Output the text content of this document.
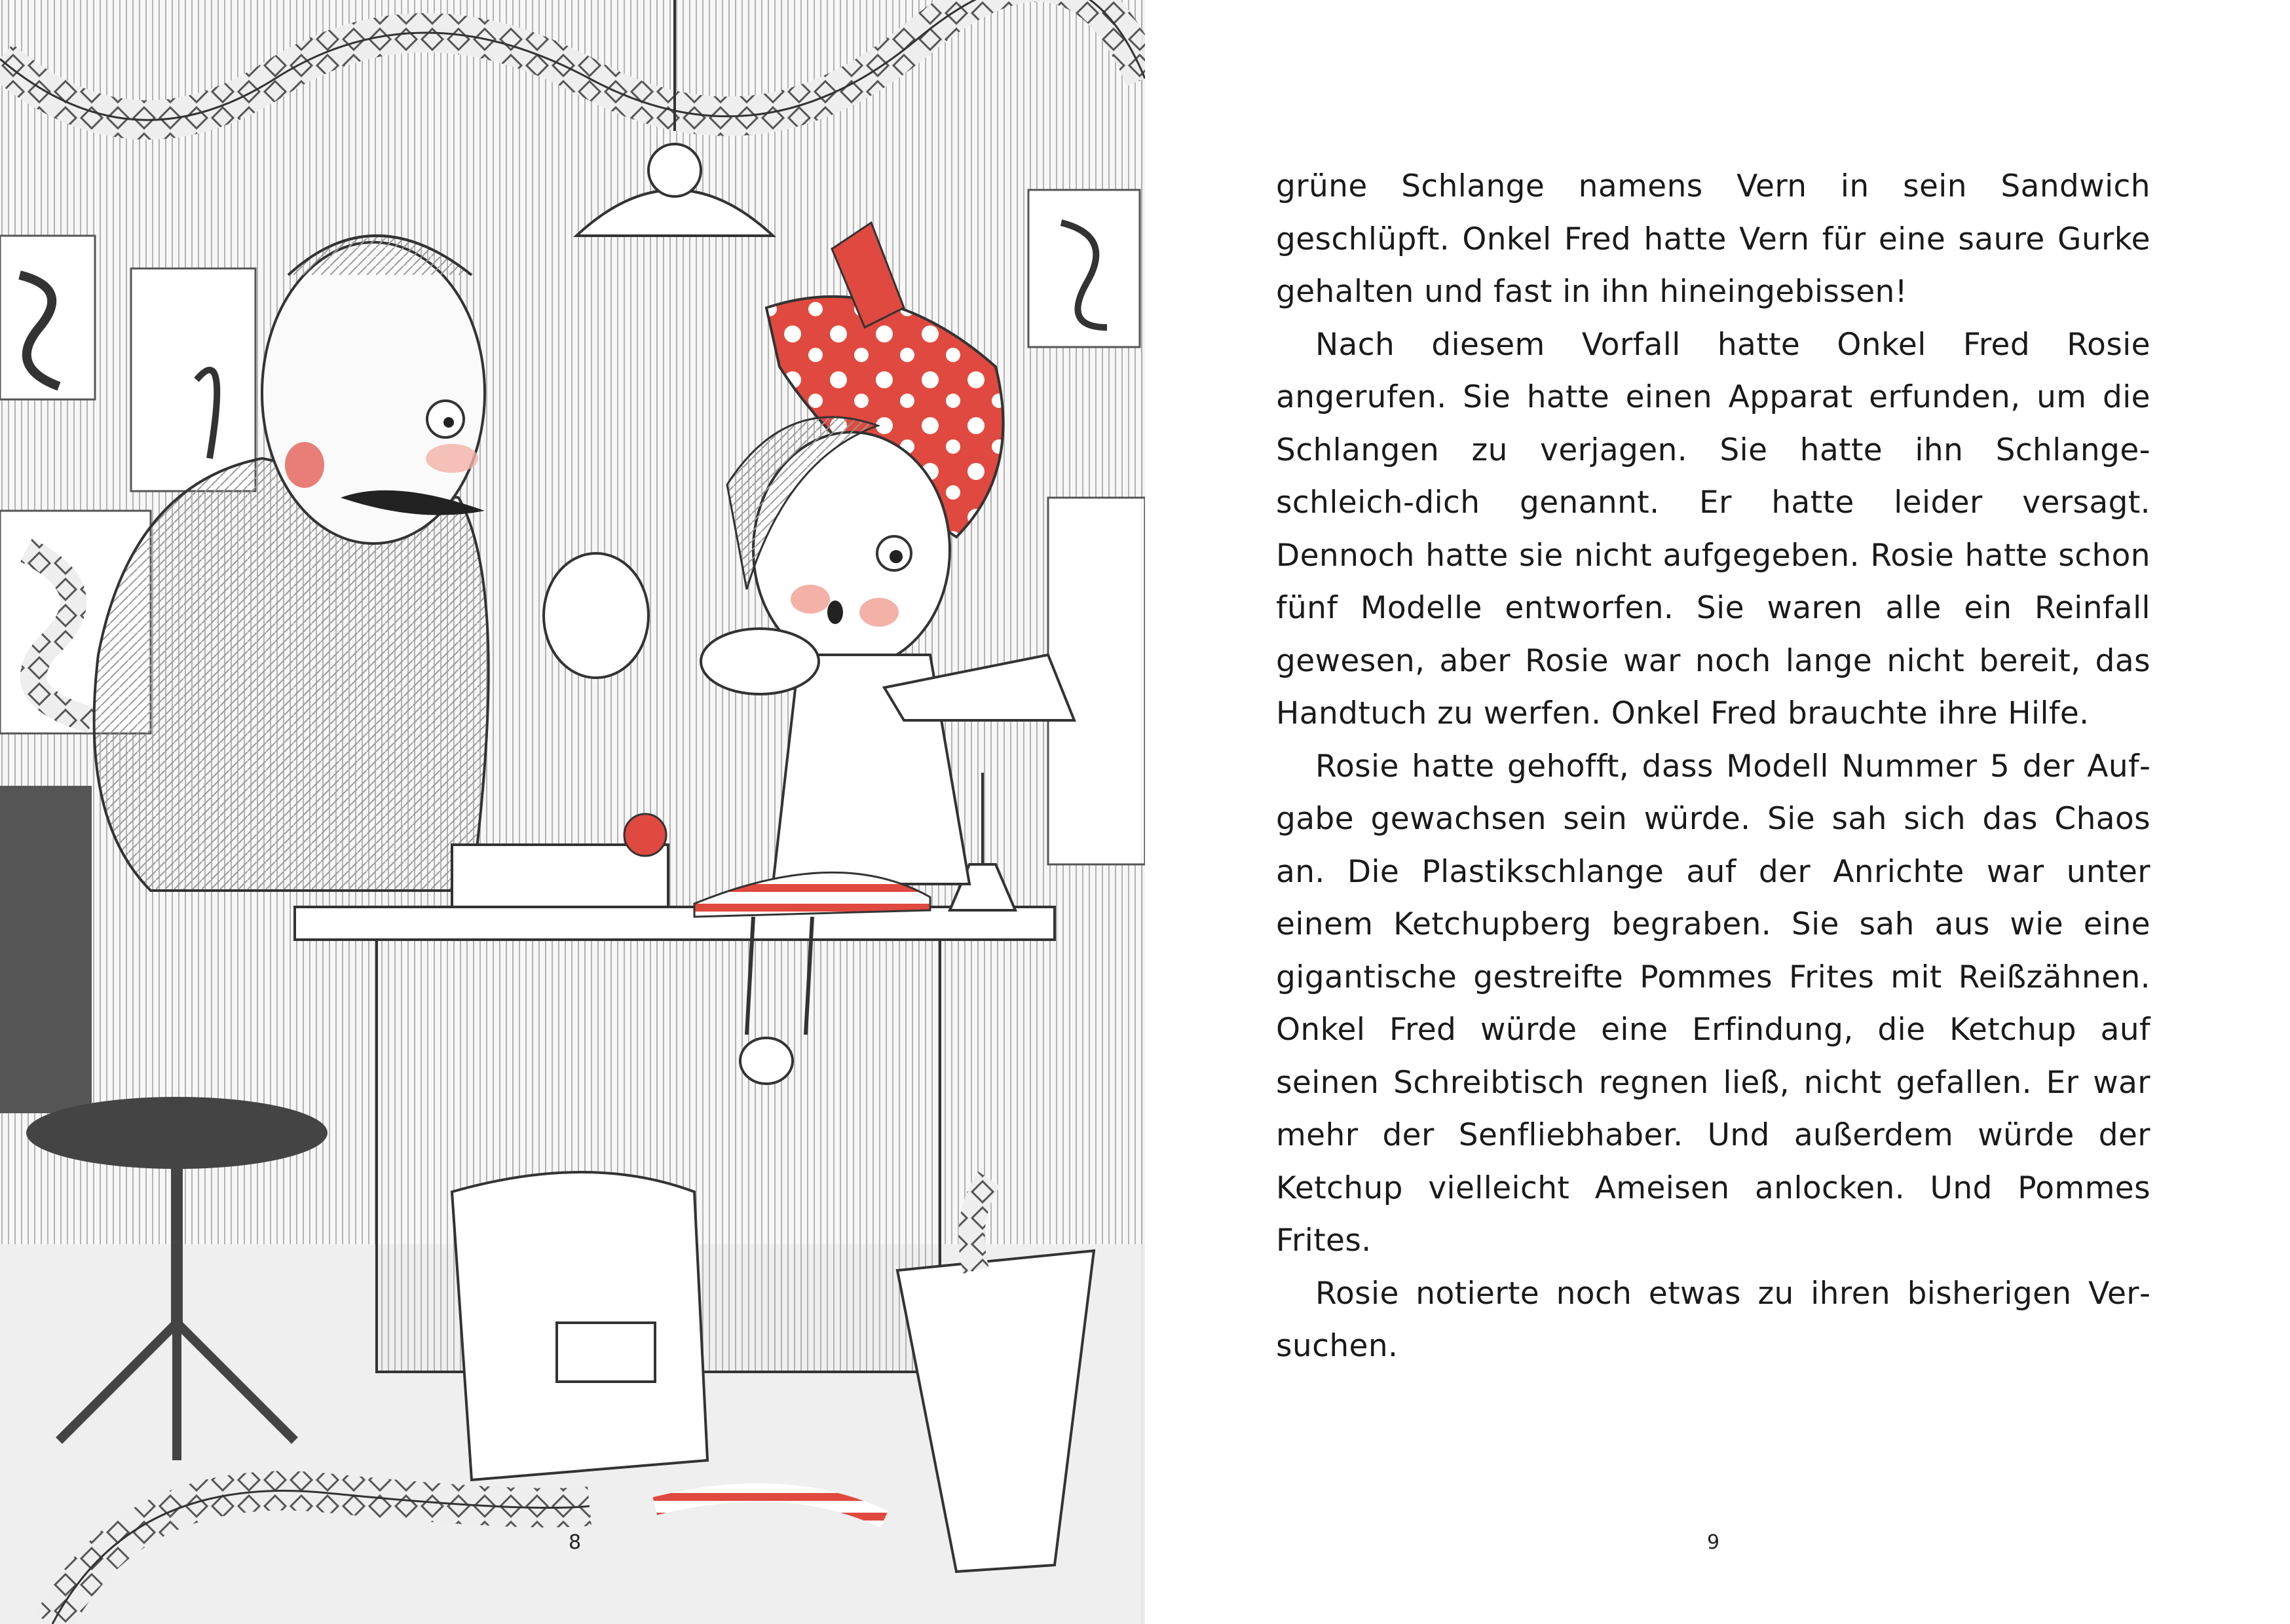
8

grüne Schlange namens Vern in sein Sandwich geschlüpft. Onkel Fred hatte Vern für eine saure Gurke gehalten und fast in ihn hineingebissen!

Nach diesem Vorfall hatte Onkel Fred Rosie angerufen. Sie hatte einen Apparat erfunden, um die Schlangen zu verjagen. Sie hatte ihn Schlange-schleich-dich genannt. Er hatte leider versagt. Dennoch hatte sie nicht aufgegeben. Rosie hatte schon fünf Modelle entworfen. Sie waren alle ein Reinfall gewesen, aber Rosie war noch lange nicht bereit, das Handtuch zu werfen. Onkel Fred brauchte ihre Hilfe.

Rosie hatte gehofft, dass Modell Nummer 5 der Aufgabe gewachsen sein würde. Sie sah sich das Chaos an. Die Plastikschlange auf der Anrichte war unter einem Ketchupberg begraben. Sie sah aus wie eine gigantische gestreifte Pommes Frites mit Reißzähnen. Onkel Fred würde eine Erfindung, die Ketchup auf seinen Schreibtisch regnen ließ, nicht gefallen. Er war mehr der Senfliebhaber. Und außerdem würde der Ketchup vielleicht Ameisen anlocken. Und Pommes Frites.

Rosie notierte noch etwas zu ihren bisherigen Versuchen.

9
